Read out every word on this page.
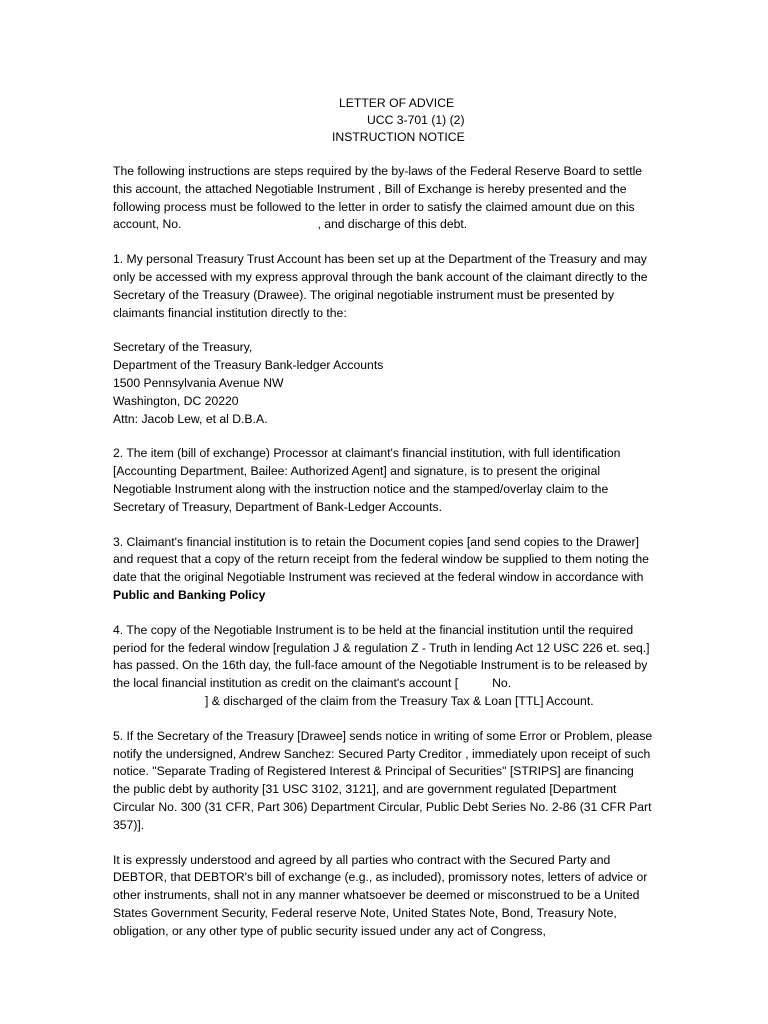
LETTER OF ADVICE
UCC 3-701 (1) (2)
INSTRUCTION NOTICE

The following instructions are steps required by the by-laws of the Federal Reserve Board to settle this account, the attached Negotiable Instrument , Bill of Exchange is hereby presented and the following process must be followed to the letter in order to satisfy the claimed amount due on this account, No.	, and discharge of this debt.

1. My personal Treasury Trust Account has been set up at the Department of the Treasury and may only be accessed with my express approval through the bank account of the claimant directly to the Secretary of the Treasury (Drawee). The original negotiable instrument must be presented by claimants financial institution directly to the:

Secretary of the Treasury,
Department of the Treasury Bank-ledger Accounts
1500 Pennsylvania Avenue NW
Washington, DC 20220
Attn: Jacob Lew, et al D.B.A.

2. The item (bill of exchange) Processor at claimant's financial institution, with full identification [Accounting Department, Bailee: Authorized Agent] and signature, is to present the original Negotiable Instrument along with the instruction notice and the stamped/overlay claim to the Secretary of Treasury, Department of Bank-Ledger Accounts.

3. Claimant's financial institution is to retain the Document copies [and send copies to the Drawer] and request that a copy of the return receipt from the federal window be supplied to them noting the date that the original Negotiable Instrument was recieved at the federal window in accordance with Public and Banking Policy

4. The copy of the Negotiable Instrument is to be held at the financial institution until the required period for the federal window [regulation J & regulation Z - Truth in lending Act 12 USC 226 et. seq.] has passed. On the 16th day, the full-face amount of the Negotiable Instrument is to be released by the local financial institution as credit on the claimant's account [	No.
] & discharged of the claim from the Treasury Tax & Loan [TTL] Account.

5. If the Secretary of the Treasury [Drawee] sends notice in writing of some Error or Problem, please notify the undersigned, Andrew Sanchez: Secured Party Creditor , immediately upon receipt of such notice. "Separate Trading of Registered Interest & Principal of Securities" [STRIPS] are financing the public debt by authority [31 USC 3102, 3121], and are government regulated [Department Circular No. 300 (31 CFR, Part 306) Department Circular, Public Debt Series No. 2-86 (31 CFR Part 357)].

It is expressly understood and agreed by all parties who contract with the Secured Party and DEBTOR, that DEBTOR's bill of exchange (e.g., as included), promissory notes, letters of advice or other instruments, shall not in any manner whatsoever be deemed or misconstrued to be a United States Government Security, Federal reserve Note, United States Note, Bond, Treasury Note, obligation, or any other type of public security issued under any act of Congress,
